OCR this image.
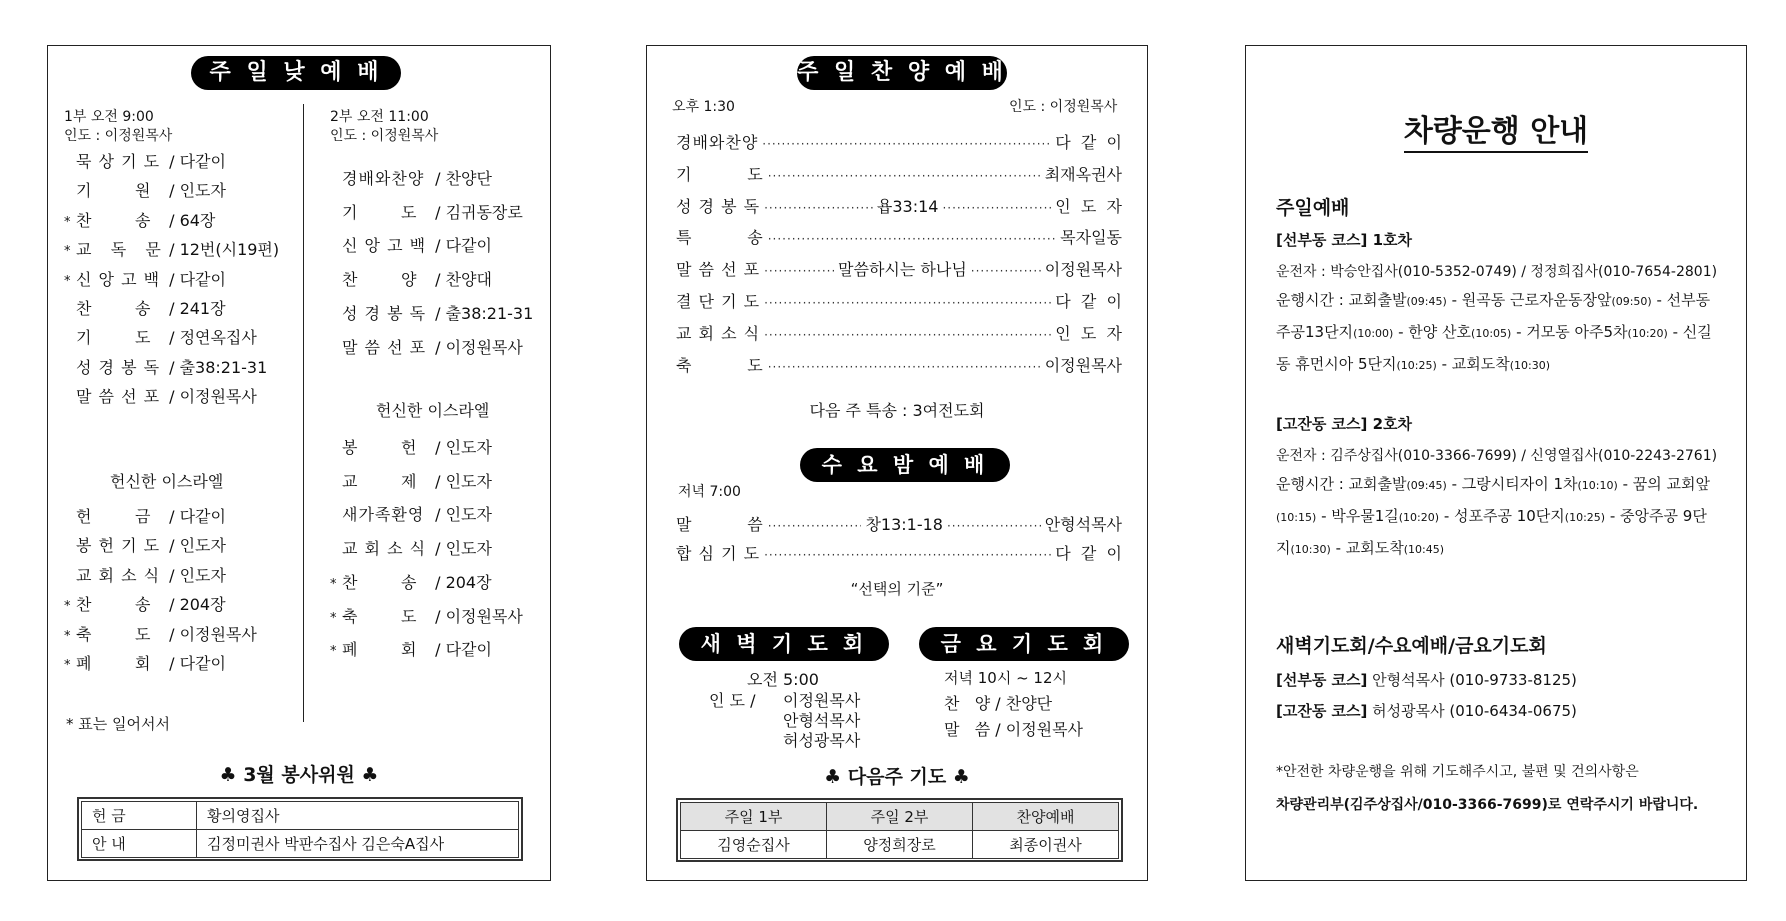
주 일 낮 예 배
1부 오전 9:00
인도 : 이정원목사
2부 오전 11:00
인도 : 이정원목사
묵 상 기 도 / 다같이
기       원 / 인도자
* 찬       송 / 64장
* 교   독   문 / 12번(시19편)
* 신 앙 고 백 / 다같이
찬       송 / 241장
기       도 / 정연옥집사
성 경 봉 독 / 출38:21-31
말 씀 선 포 / 이정원목사
헌신한 이스라엘
헌       금 / 다같이
봉 헌 기 도 / 인도자
교 회 소 식 / 인도자
* 찬       송 / 204장
* 축       도 / 이정원목사
* 폐       회 / 다같이
* 표는 일어서서
경배와찬양 / 찬양단
기       도 / 김귀동장로
신 앙 고 백 / 다같이
찬       양 / 찬양대
성 경 봉 독 / 출38:21-31
말 씀 선 포 / 이정원목사
헌신한 이스라엘
봉       헌 / 인도자
교       제 / 인도자
새가족환영 / 인도자
교 회 소 식 / 인도자
* 찬       송 / 204장
* 축       도 / 이정원목사
* 폐       회 / 다같이
♣ 3월 봉사위원 ♣
헌 금	황의영집사
안 내	김정미권사 박판수집사 김은숙A집사
주 일 찬 양 예 배
오후 1:30	인도 : 이정원목사
경배와찬양 ·····	다  같  이
기         도 ·····	최재옥권사
성 경 봉 독 ·····	욥33:14 ·····	인  도  자
특         송 ·····	목자일동
말 씀 선 포 ·····	말씀하시는 하나님 ·····	이정원목사
결 단 기 도 ·····	다  같  이
교 회 소 식 ·····	인  도  자
축         도 ·····	이정원목사
다음 주 특송 : 3여전도회
수 요 밤 예 배
저녁 7:00
말         씀 ·····	창13:1-18 ·····	안형석목사
합 심 기 도 ·····	다  같  이
“선택의 기준”
새 벽 기 도 회
오전 5:00
인 도 / 이정원목사
안형석목사
허성광목사
금 요 기 도 회
저녁 10시 ~ 12시
찬   양 / 찬양단
말   씀 / 이정원목사
♣ 다음주 기도 ♣
주일 1부	주일 2부	찬양예배
김영순집사	양정희장로	최종이권사
차량운행 안내
주일예배
[선부동 코스] 1호차
운전자 : 박승안집사(010-5352-0749) / 정정희집사(010-7654-2801)
운행시간 : 교회출발(09:45) - 원곡동 근로자운동장앞(09:50) - 선부동 주공13단지(10:00) - 한양 산호(10:05) - 거모동 아주5차(10:20) - 신길동 휴먼시아 5단지(10:25) - 교회도착(10:30)
[고잔동 코스] 2호차
운전자 : 김주상집사(010-3366-7699) / 신영열집사(010-2243-2761)
운행시간 : 교회출발(09:45) - 그랑시티자이 1차(10:10) - 꿈의 교회앞(10:15) - 박우물1길(10:20) - 성포주공 10단지(10:25) - 중앙주공 9단지(10:30) - 교회도착(10:45)
새벽기도회/수요예배/금요기도회
[선부동 코스] 안형석목사 (010-9733-8125)
[고잔동 코스] 허성광목사 (010-6434-0675)
*안전한 차량운행을 위해 기도해주시고, 불편 및 건의사항은
차량관리부(김주상집사/010-3366-7699)로 연락주시기 바랍니다.
